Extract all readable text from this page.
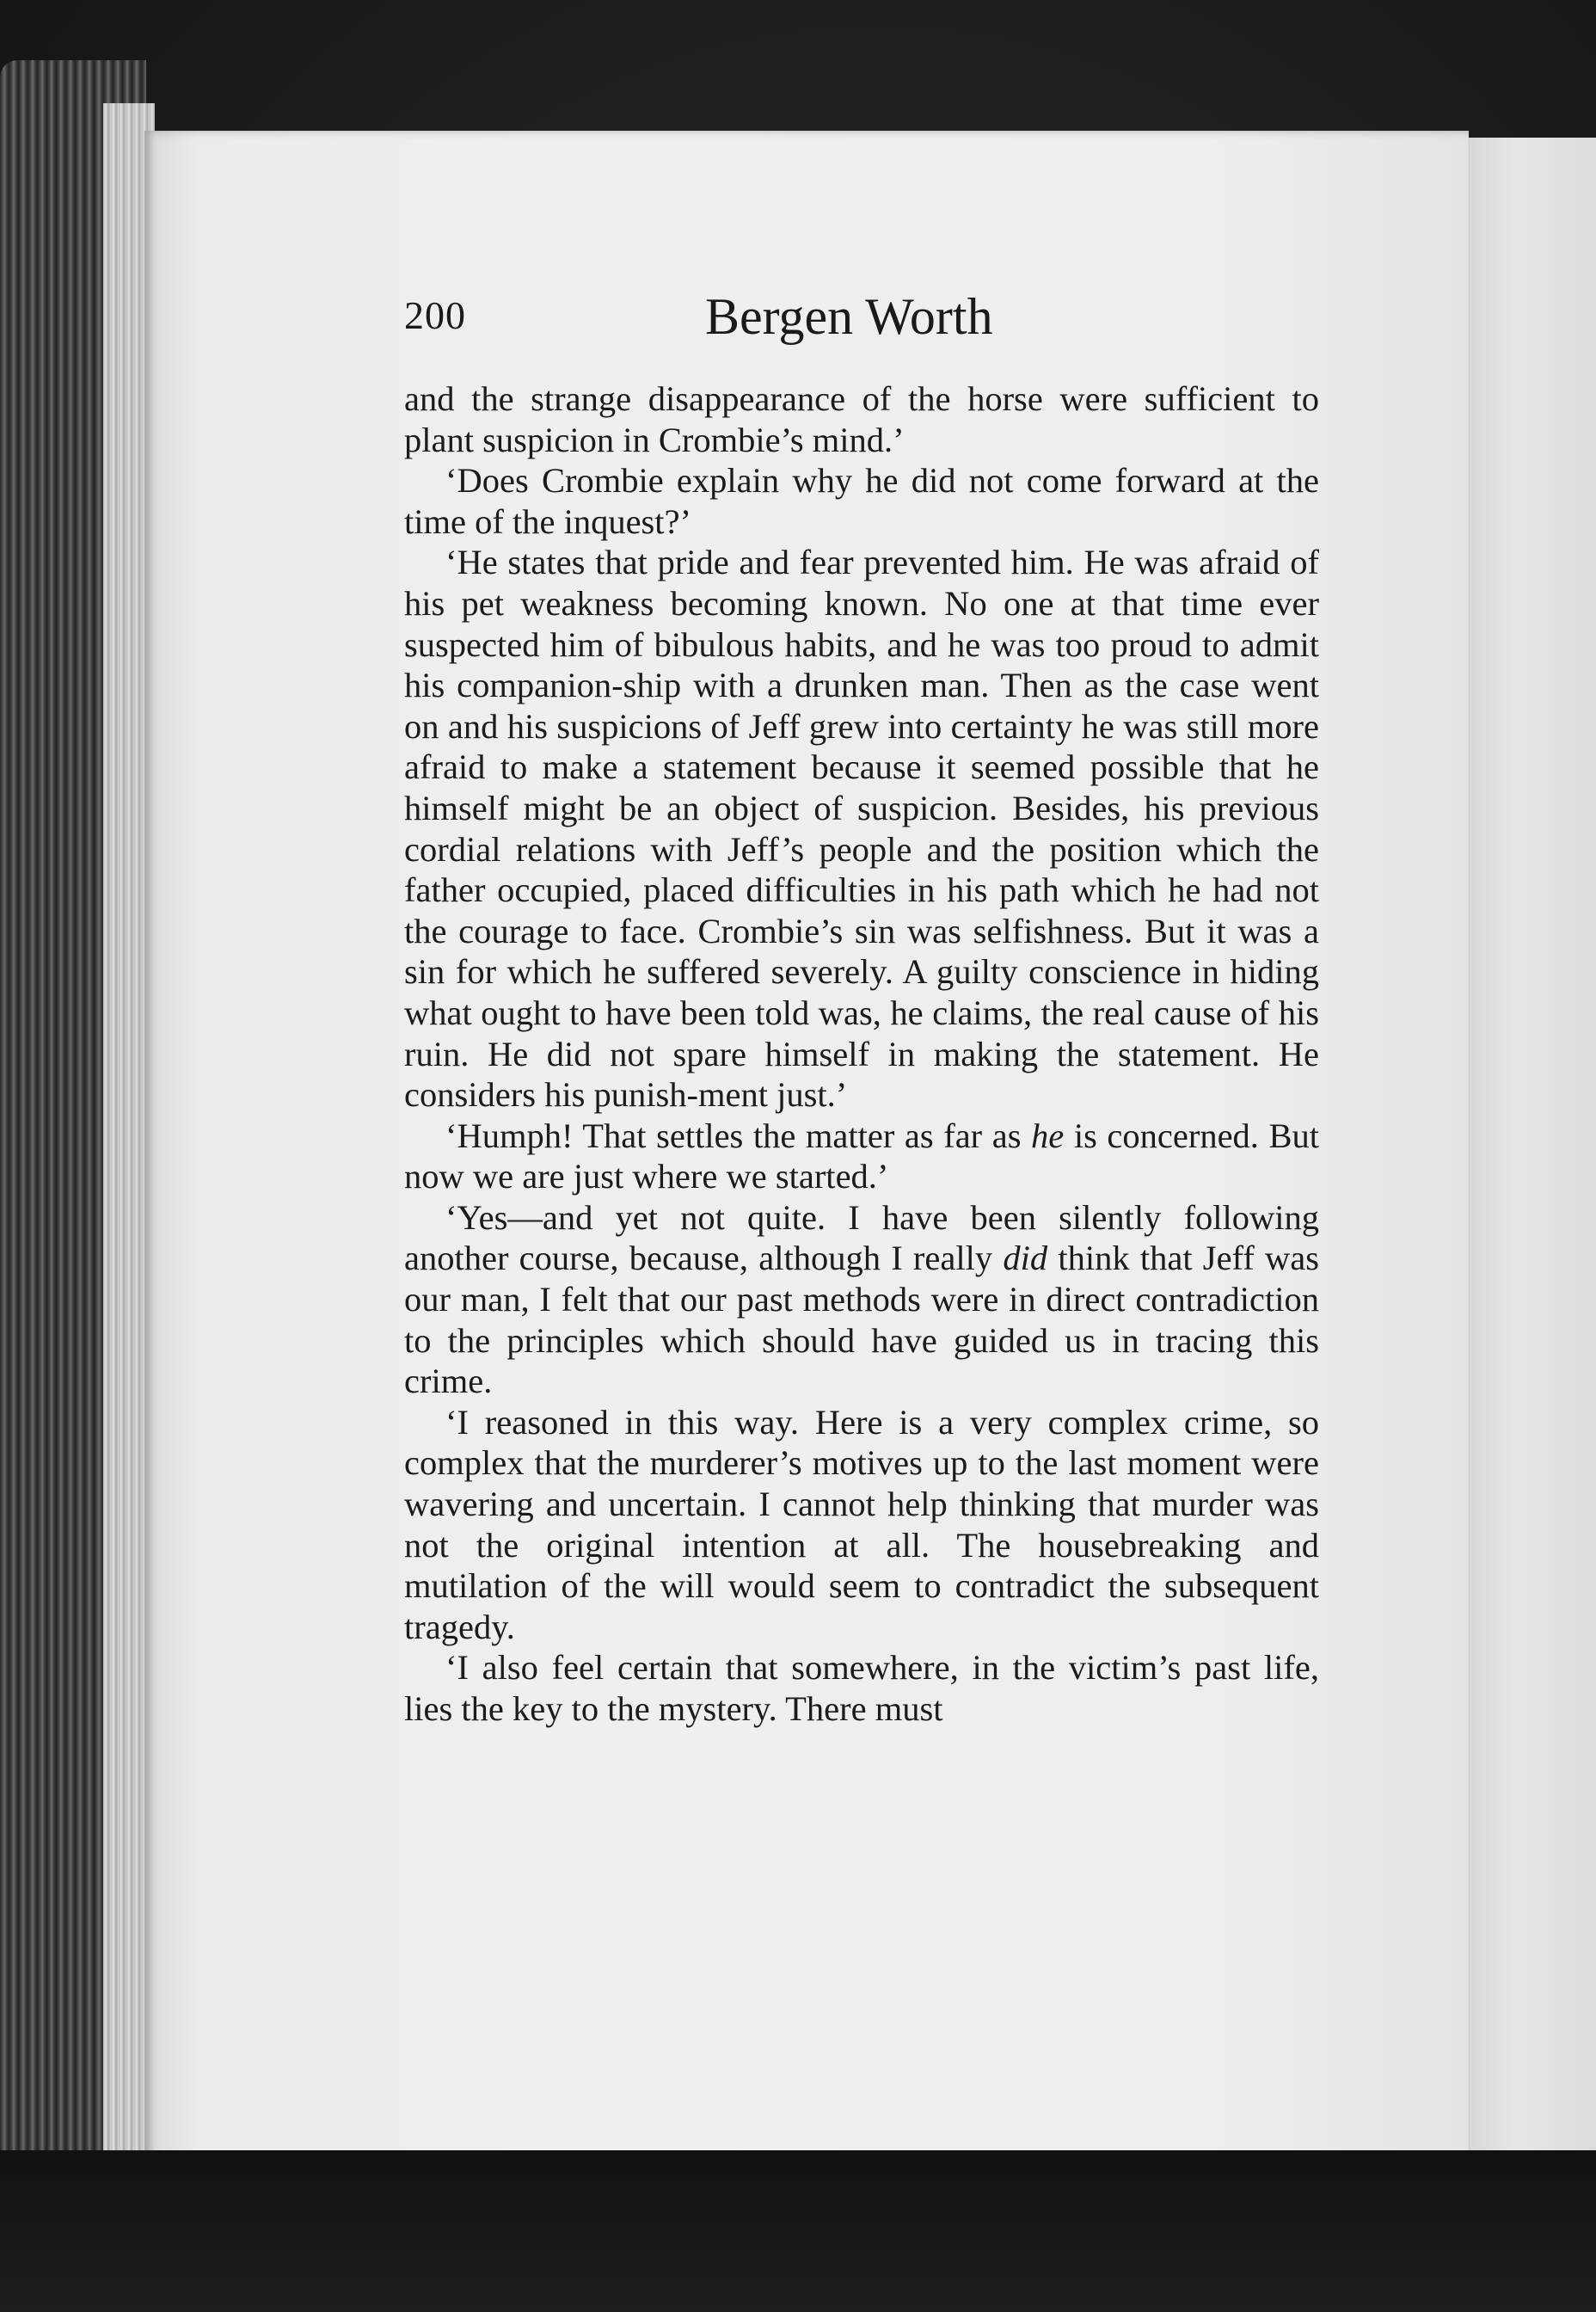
200	Bergen Worth

and the strange disappearance of the horse were sufficient to plant suspicion in Crombie’s mind.’

‘Does Crombie explain why he did not come forward at the time of the inquest?’

‘He states that pride and fear prevented him. He was afraid of his pet weakness becoming known. No one at that time ever suspected him of bibulous habits, and he was too proud to admit his companion-ship with a drunken man. Then as the case went on and his suspicions of Jeff grew into certainty he was still more afraid to make a statement because it seemed possible that he himself might be an object of suspicion. Besides, his previous cordial relations with Jeff’s people and the position which the father occupied, placed difficulties in his path which he had not the courage to face. Crombie’s sin was selfishness. But it was a sin for which he suffered severely. A guilty conscience in hiding what ought to have been told was, he claims, the real cause of his ruin. He did not spare himself in making the statement. He considers his punish-ment just.’

‘Humph! That settles the matter as far as he is concerned. But now we are just where we started.’

‘Yes—and yet not quite. I have been silently following another course, because, although I really did think that Jeff was our man, I felt that our past methods were in direct contradiction to the principles which should have guided us in tracing this crime.

‘I reasoned in this way. Here is a very complex crime, so complex that the murderer’s motives up to the last moment were wavering and uncertain. I cannot help thinking that murder was not the original intention at all. The housebreaking and mutilation of the will would seem to contradict the subsequent tragedy.

‘I also feel certain that somewhere, in the victim’s past life, lies the key to the mystery. There must
